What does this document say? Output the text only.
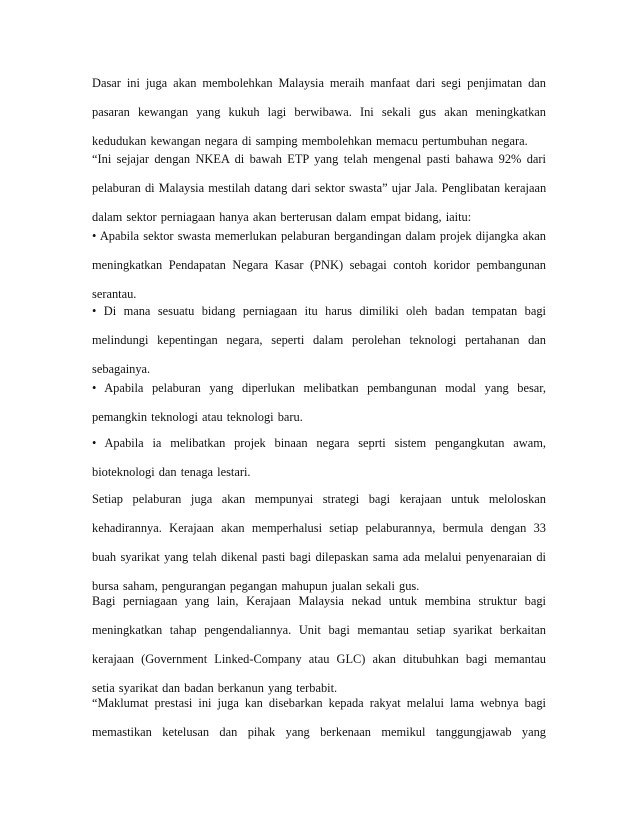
Dasar ini juga akan membolehkan Malaysia meraih manfaat dari segi penjimatan dan
pasaran kewangan yang kukuh lagi berwibawa. Ini sekali gus akan meningkatkan
kedudukan kewangan negara di samping membolehkan memacu pertumbuhan negara.
“Ini sejajar dengan NKEA di bawah ETP yang telah mengenal pasti bahawa 92% dari
pelaburan di Malaysia mestilah datang dari sektor swasta” ujar Jala. Penglibatan kerajaan
dalam sektor perniagaan hanya akan berterusan dalam empat bidang, iaitu:
• Apabila sektor swasta memerlukan pelaburan bergandingan dalam projek dijangka akan
meningkatkan Pendapatan Negara Kasar (PNK) sebagai contoh koridor pembangunan
serantau.
• Di mana sesuatu bidang perniagaan itu harus dimiliki oleh badan tempatan bagi
melindungi kepentingan negara, seperti dalam perolehan teknologi pertahanan dan
sebagainya.
• Apabila pelaburan yang diperlukan melibatkan pembangunan modal yang besar,
pemangkin teknologi atau teknologi baru.
• Apabila ia melibatkan projek binaan negara seprti sistem pengangkutan awam,
bioteknologi dan tenaga lestari.
Setiap pelaburan juga akan mempunyai strategi bagi kerajaan untuk meloloskan
kehadirannya. Kerajaan akan memperhalusi setiap pelaburannya, bermula dengan 33
buah syarikat yang telah dikenal pasti bagi dilepaskan sama ada melalui penyenaraian di
bursa saham, pengurangan pegangan mahupun jualan sekali gus.
Bagi perniagaan yang lain, Kerajaan Malaysia nekad untuk membina struktur bagi
meningkatkan tahap pengendaliannya. Unit bagi memantau setiap syarikat berkaitan
kerajaan (Government Linked-Company atau GLC) akan ditubuhkan bagi memantau
setia syarikat dan badan berkanun yang terbabit.
“Maklumat prestasi ini juga kan disebarkan kepada rakyat melalui lama webnya bagi
memastikan ketelusan dan pihak yang berkenaan memikul tanggungjawab yang
